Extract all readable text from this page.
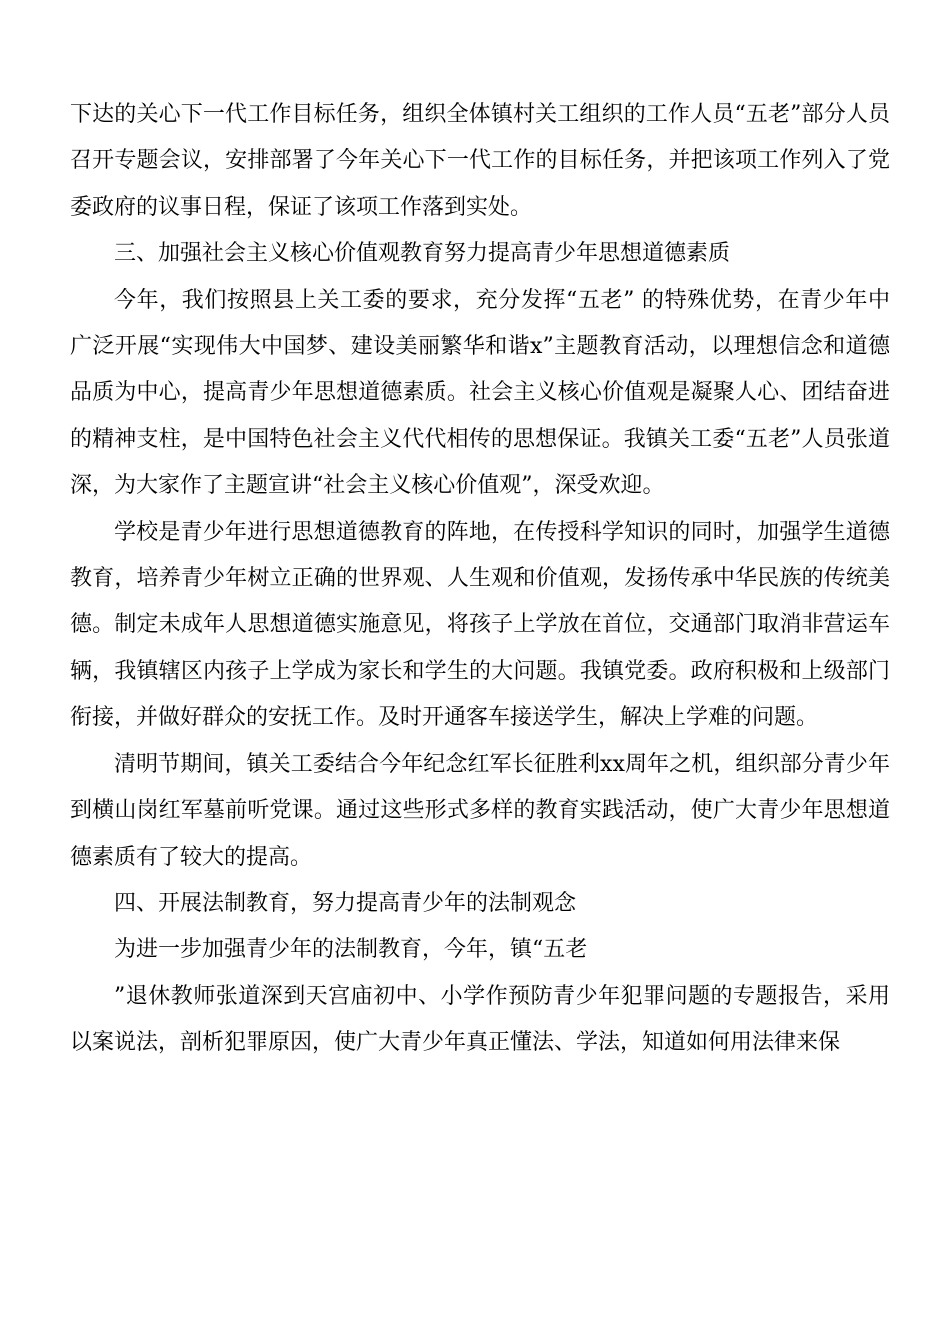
下达的关心下一代工作目标任务，组织全体镇村关工组织的工作人员“五老”部分人员召开专题会议，安排部署了今年关心下一代工作的目标任务，并把该项工作列入了党委政府的议事日程，保证了该项工作落到实处。

三、加强社会主义核心价值观教育努力提高青少年思想道德素质

今年，我们按照县上关工委的要求，充分发挥“五老” 的特殊优势，在青少年中广泛开展“实现伟大中国梦、建设美丽繁华和谐x”主题教育活动，以理想信念和道德品质为中心，提高青少年思想道德素质。社会主义核心价值观是凝聚人心、团结奋进的精神支柱，是中国特色社会主义代代相传的思想保证。我镇关工委“五老”人员张道深，为大家作了主题宣讲“社会主义核心价值观”，深受欢迎。

学校是青少年进行思想道德教育的阵地，在传授科学知识的同时，加强学生道德教育，培养青少年树立正确的世界观、人生观和价值观，发扬传承中华民族的传统美德。制定未成年人思想道德实施意见，将孩子上学放在首位，交通部门取消非营运车辆，我镇辖区内孩子上学成为家长和学生的大问题。我镇党委。政府积极和上级部门衔接，并做好群众的安抚工作。及时开通客车接送学生，解决上学难的问题。

清明节期间，镇关工委结合今年纪念红军长征胜利xx周年之机，组织部分青少年到横山岗红军墓前听党课。通过这些形式多样的教育实践活动，使广大青少年思想道德素质有了较大的提高。

四、开展法制教育，努力提高青少年的法制观念

为进一步加强青少年的法制教育，今年，镇“五老

”退休教师张道深到天宫庙初中、小学作预防青少年犯罪问题的专题报告，采用以案说法，剖析犯罪原因，使广大青少年真正懂法、学法，知道如何用法律来保
